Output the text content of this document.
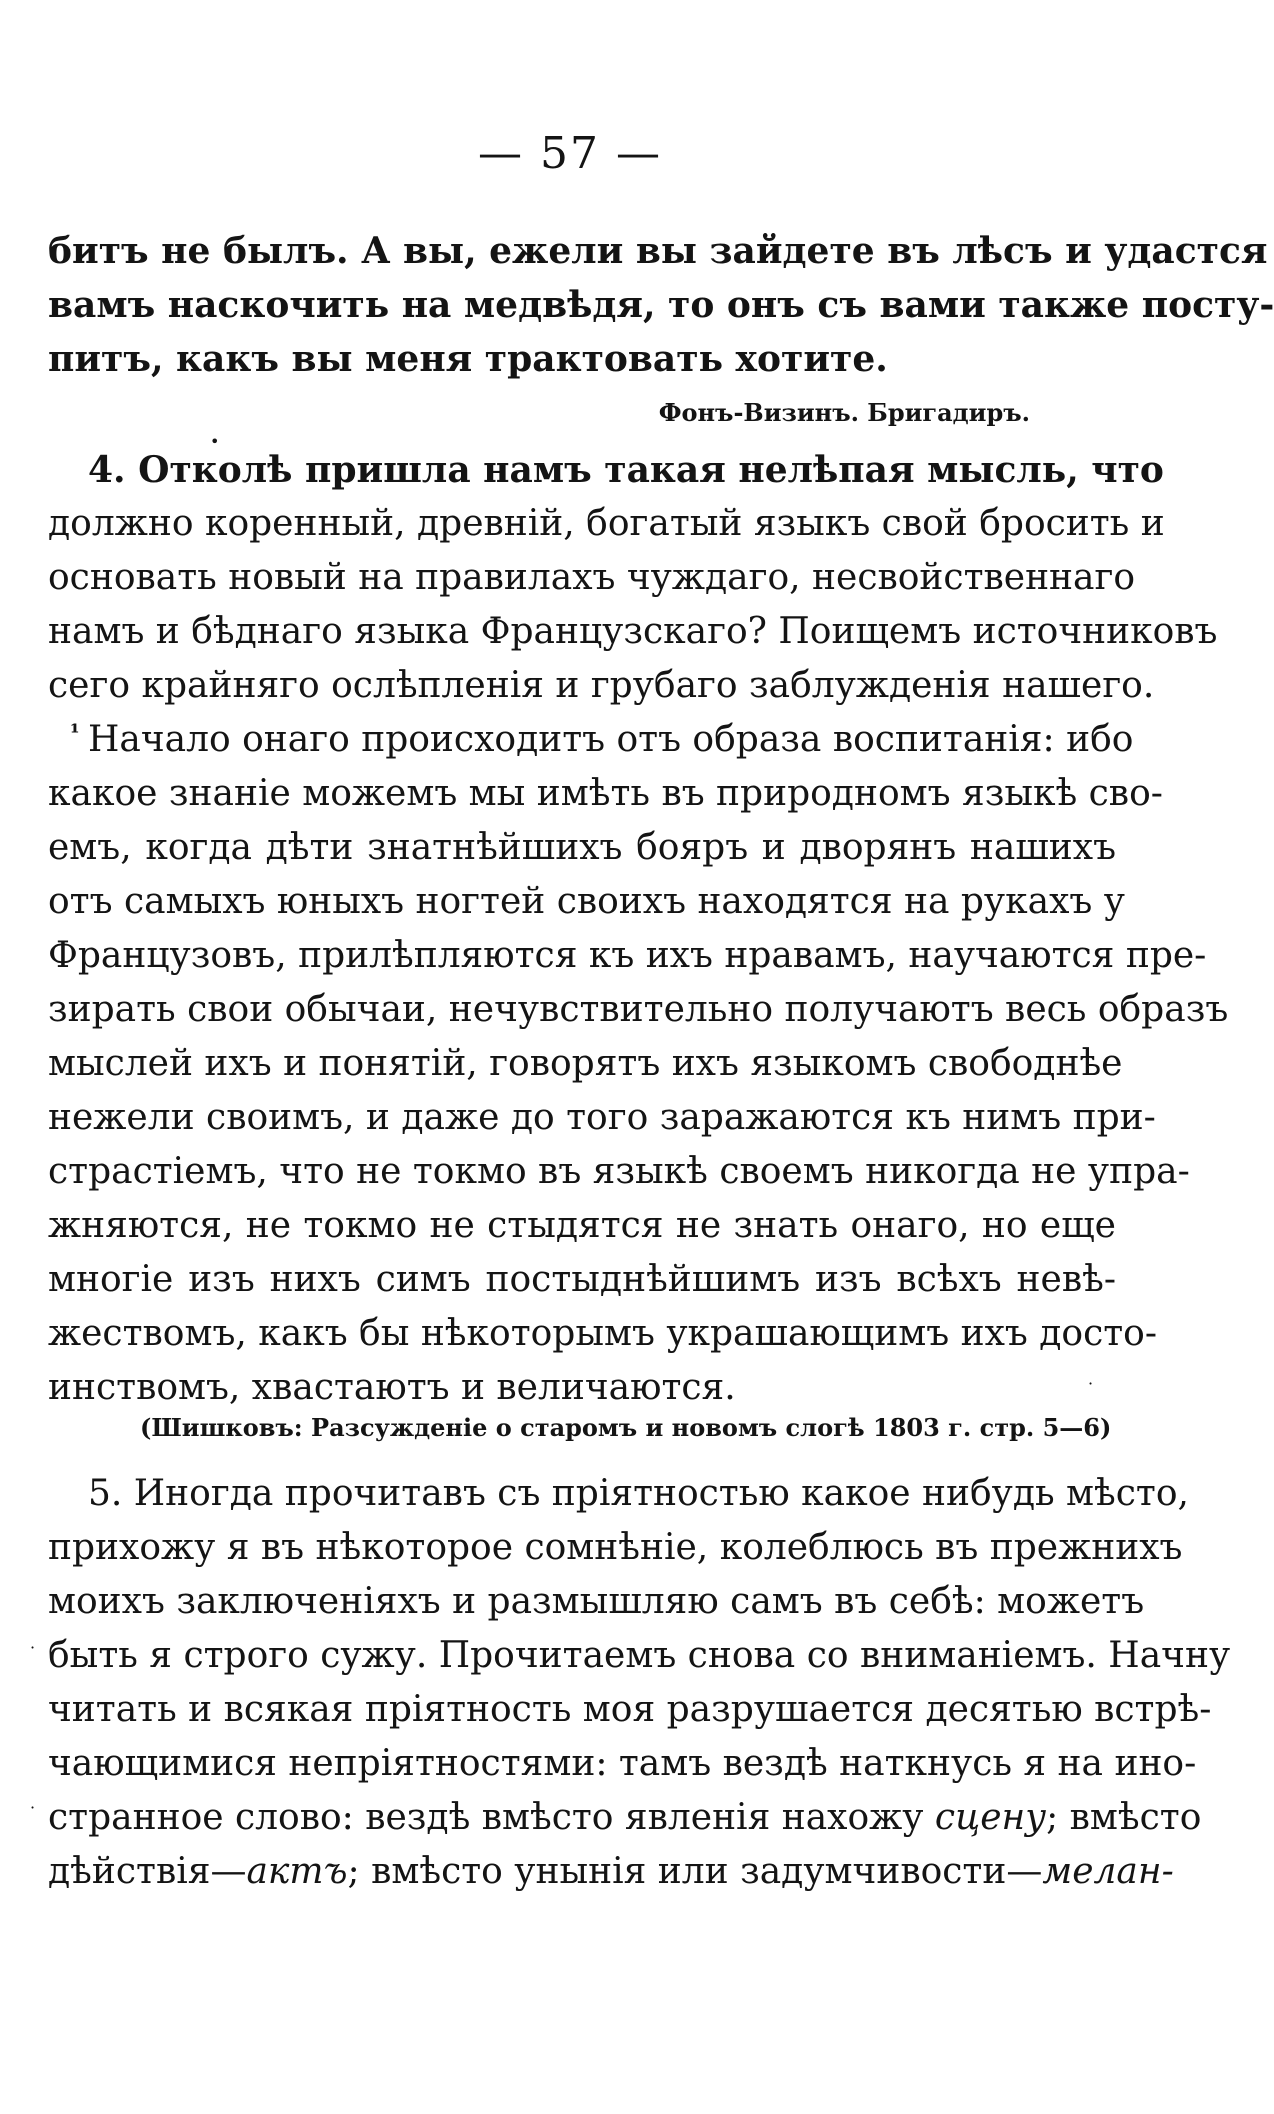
— 57 —
битъ не былъ. А вы, ежели вы зайдете въ лѣсъ и удастся
вамъ наскочить на медвѣдя, то онъ съ вами также посту-
питъ, какъ вы меня трактовать хотите.
Фонъ-Визинъ. Бригадиръ.
•
4. Отколѣ пришла намъ такая нелѣпая мысль, что
должно коренный, древній, богатый языкъ свой бросить и
основать новый на правилахъ чуждаго, несвойственнаго
намъ и бѣднаго языка Французскаго? Поищемъ источниковъ
сего крайняго ослѣпленія и грубаго заблужденія нашего.
¹ Начало онаго происходитъ отъ образа воспитанія: ибо
какое знаніе можемъ мы имѣть въ природномъ языкѣ сво-
емъ, когда дѣти знатнѣйшихъ бояръ и дворянъ нашихъ
отъ самыхъ юныхъ ногтей своихъ находятся на рукахъ у
Французовъ, прилѣпляются къ ихъ нравамъ, научаются пре-
зирать свои обычаи, нечувствительно получаютъ весь образъ
мыслей ихъ и понятій, говорятъ ихъ языкомъ свободнѣе
нежели своимъ, и даже до того заражаются къ нимъ при-
страстіемъ, что не токмо въ языкѣ своемъ никогда не упра-
жняются, не токмо не стыдятся не знать онаго, но еще
многіе изъ нихъ симъ постыднѣйшимъ изъ всѣхъ невѣ-
жествомъ, какъ бы нѣкоторымъ украшающимъ ихъ досто-
инствомъ, хвастаютъ и величаются.	·
(Шишковъ: Разсужденіе о старомъ и новомъ слогѣ 1803 г. стр. 5—6)
5. Иногда прочитавъ съ пріятностью какое нибудь мѣсто,
прихожу я въ нѣкоторое сомнѣніе, колеблюсь въ прежнихъ
моихъ заключеніяхъ и размышляю самъ въ себѣ: можетъ
быть я строго сужу. Прочитаемъ снова со вниманіемъ. Начну
читать и всякая пріятность моя разрушается десятью встрѣ-
чающимися непріятностями: тамъ вездѣ наткнусь я на ино-
странное слово: вездѣ вмѣсто явленія нахожу сцену; вмѣсто
дѣйствія—актъ; вмѣсто унынія или задумчивости—мелан-
·
·
